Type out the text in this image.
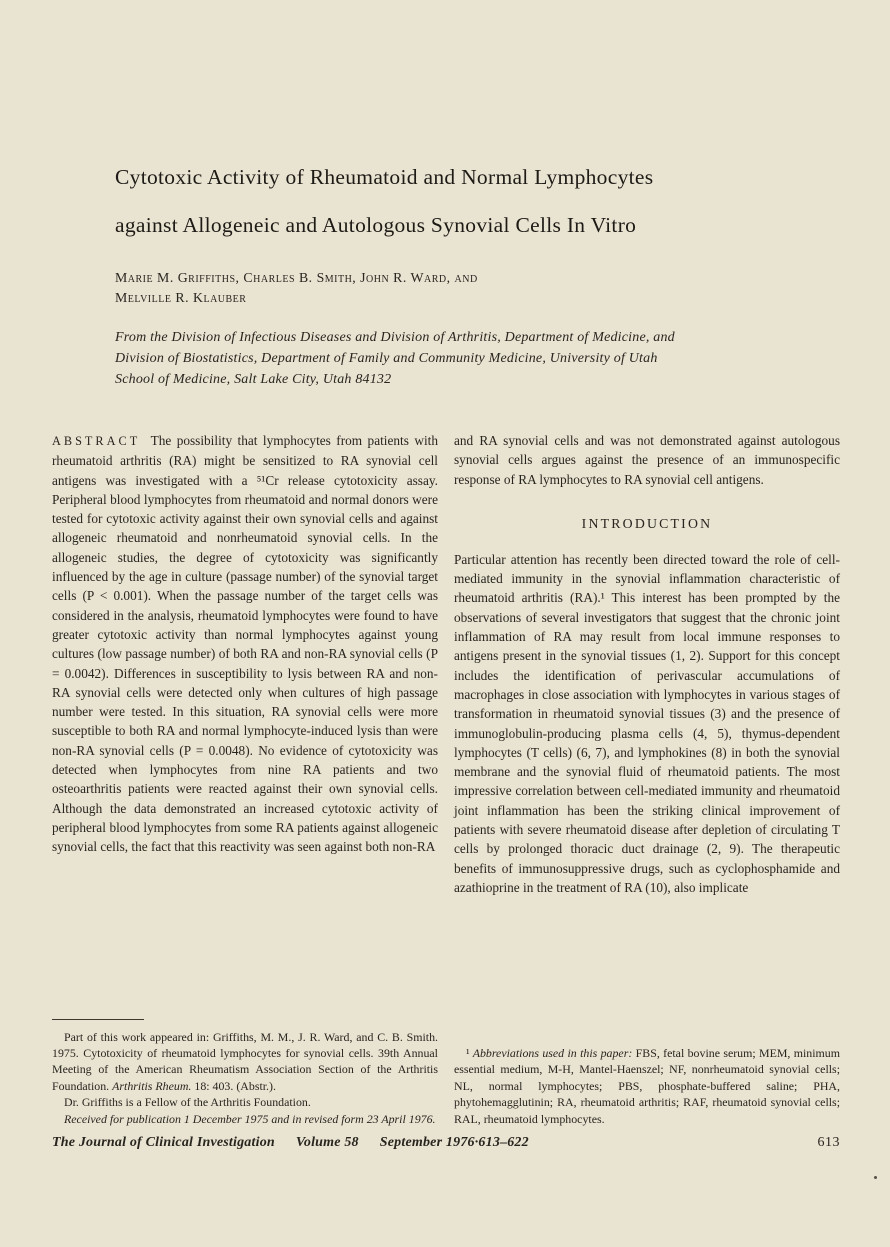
Cytotoxic Activity of Rheumatoid and Normal Lymphocytes
against Allogeneic and Autologous Synovial Cells In Vitro
Marie M. Griffiths, Charles B. Smith, John R. Ward, and
Melville R. Klauber
From the Division of Infectious Diseases and Division of Arthritis, Department of Medicine, and Division of Biostatistics, Department of Family and Community Medicine, University of Utah School of Medicine, Salt Lake City, Utah 84132

ABSTRACT The possibility that lymphocytes from patients with rheumatoid arthritis (RA) might be sensitized to RA synovial cell antigens was investigated with a ⁵¹Cr release cytotoxicity assay. Peripheral blood lymphocytes from rheumatoid and normal donors were tested for cytotoxic activity against their own synovial cells and against allogeneic rheumatoid and nonrheumatoid synovial cells. In the allogeneic studies, the degree of cytotoxicity was significantly influenced by the age in culture (passage number) of the synovial target cells (P < 0.001). When the passage number of the target cells was considered in the analysis, rheumatoid lymphocytes were found to have greater cytotoxic activity than normal lymphocytes against young cultures (low passage number) of both RA and non-RA synovial cells (P = 0.0042). Differences in susceptibility to lysis between RA and non-RA synovial cells were detected only when cultures of high passage number were tested. In this situation, RA synovial cells were more susceptible to both RA and normal lymphocyte-induced lysis than were non-RA synovial cells (P = 0.0048). No evidence of cytotoxicity was detected when lymphocytes from nine RA patients and two osteoarthritis patients were reacted against their own synovial cells. Although the data demonstrated an increased cytotoxic activity of peripheral blood lymphocytes from some RA patients against allogeneic synovial cells, the fact that this reactivity was seen against both non-RA

Part of this work appeared in: Griffiths, M. M., J. R. Ward, and C. B. Smith. 1975. Cytotoxicity of rheumatoid lymphocytes for synovial cells. 39th Annual Meeting of the American Rheumatism Association Section of the Arthritis Foundation. Arthritis Rheum. 18: 403. (Abstr.).

Dr. Griffiths is a Fellow of the Arthritis Foundation.

Received for publication 1 December 1975 and in revised form 23 April 1976.

and RA synovial cells and was not demonstrated against autologous synovial cells argues against the presence of an immunospecific response of RA lymphocytes to RA synovial cell antigens.

INTRODUCTION

Particular attention has recently been directed toward the role of cell-mediated immunity in the synovial inflammation characteristic of rheumatoid arthritis (RA).¹ This interest has been prompted by the observations of several investigators that suggest that the chronic joint inflammation of RA may result from local immune responses to antigens present in the synovial tissues (1, 2). Support for this concept includes the identification of perivascular accumulations of macrophages in close association with lymphocytes in various stages of transformation in rheumatoid synovial tissues (3) and the presence of immunoglobulin-producing plasma cells (4, 5), thymus-dependent lymphocytes (T cells) (6, 7), and lymphokines (8) in both the synovial membrane and the synovial fluid of rheumatoid patients. The most impressive correlation between cell-mediated immunity and rheumatoid joint inflammation has been the striking clinical improvement of patients with severe rheumatoid disease after depletion of circulating T cells by prolonged thoracic duct drainage (2, 9). The therapeutic benefits of immunosuppressive drugs, such as cyclophosphamide and azathioprine in the treatment of RA (10), also implicate

¹ Abbreviations used in this paper: FBS, fetal bovine serum; MEM, minimum essential medium, M-H, Mantel-Haenszel; NF, nonrheumatoid synovial cells; NL, normal lymphocytes; PBS, phosphate-buffered saline; PHA, phytohemagglutinin; RA, rheumatoid arthritis; RAF, rheumatoid synovial cells; RAL, rheumatoid lymphocytes.

The Journal of Clinical Investigation Volume 58 September 1976·613–622	613
